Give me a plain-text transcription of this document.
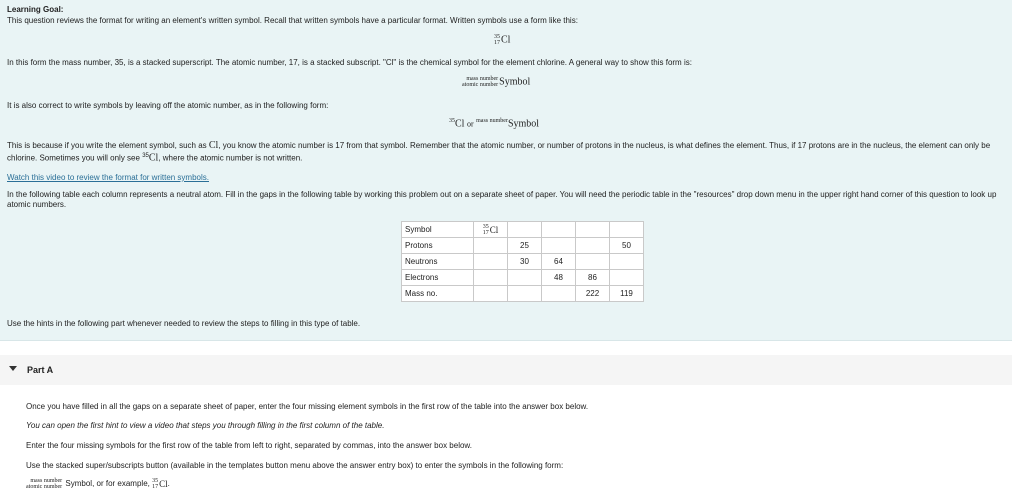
Learning Goal:
This question reviews the format for writing an element's written symbol. Recall that written symbols have a particular format. Written symbols use a form like this:
35
17 Cl
In this form the mass number, 35, is a stacked superscript. The atomic number, 17, is a stacked subscript. "Cl" is the chemical symbol for the element chlorine. A general way to show this form is:
mass number
atomic number Symbol
It is also correct to write symbols by leaving off the atomic number, as in the following form:
$^{35}$Cl or $^{mass number}$Symbol
This is because if you write the element symbol, such as Cl, you know the atomic number is 17 from that symbol. Remember that the atomic number, or number of protons in the nucleus, is what defines the element. Thus, if 17 protons are in the nucleus, the element can only be chlorine. Sometimes you will only see $^{35}$Cl, where the atomic number is not written.
Watch this video to review the format for written symbols.
In the following table each column represents a neutral atom. Fill in the gaps in the following table by working this problem out on a separate sheet of paper. You will need the periodic table in the "resources" drop down menu in the upper right hand corner of this question to look up atomic numbers.
Symbol	35
17 Cl				
Protons		25			50
Neutrons		30	64		
Electrons			48	86	
Mass no.				222	119
Use the hints in the following part whenever needed to review the steps to filling in this type of table.
Part A
Once you have filled in all the gaps on a separate sheet of paper, enter the four missing element symbols in the first row of the table into the answer box below.
You can open the first hint to view a video that steps you through filling in the first column of the table.
Enter the four missing symbols for the first row of the table from left to right, separated by commas, into the answer box below.
Use the stacked super/subscripts button (available in the templates button menu above the answer entry box) to enter the symbols in the following form:
mass number
atomic number Symbol, or for example, 35
17 Cl.
